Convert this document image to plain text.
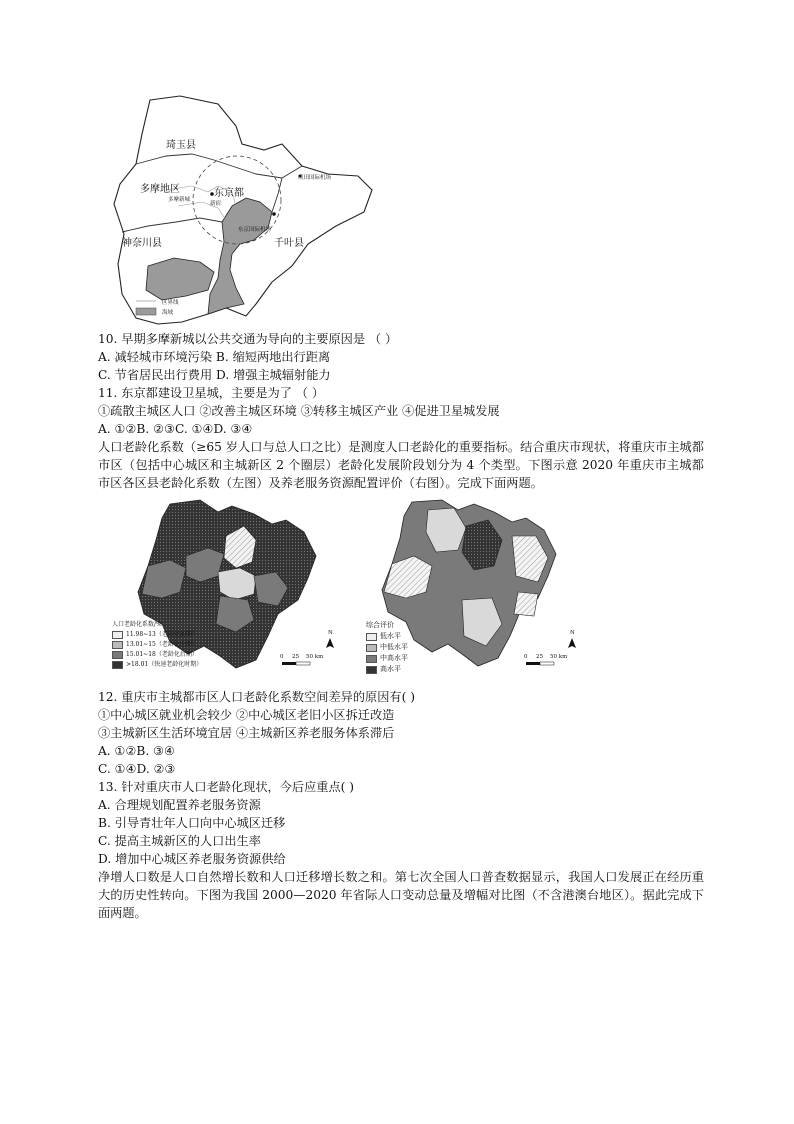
琦玉县
成田国际机场
多摩地区	东京都
多摩新城
新宿
东京国际机场
千叶县
神奈川县
区界线
海域
10. 早期多摩新城以公共交通为导向的主要原因是 （ ）
A. 减轻城市环境污染 B. 缩短两地出行距离
C. 节省居民出行费用 D. 增强主城辐射能力
11. 东京都建设卫星城，主要是为了 （ ）
①疏散主城区人口 ②改善主城区环境 ③转移主城区产业 ④促进卫星城发展
A. ①②B. ②③C. ①④D. ③④
人口老龄化系数（≥65 岁人口与总人口之比）是测度人口老龄化的重要指标。结合重庆市现状，将重庆市主城都市区（包括中心城区和主城新区 2 个圈层）老龄化发展阶段划分为 4 个类型。下图示意 2020 年重庆市主城都市区各区县老龄化系数（左图）及养老服务资源配置评价（右图）。完成下面两题。
N
0 25 50 km
人口老龄化系数/%
11.98~13（老龄化初期）
13.01~15（老龄化中期）
15.01~18（老龄化后期）
>18.01（快速老龄化时期）
N
0 25 50 km
综合评价
低水平
中低水平
中高水平
高水平
12. 重庆市主城都市区人口老龄化系数空间差异的原因有( )
①中心城区就业机会较少 ②中心城区老旧小区拆迁改造
③主城新区生活环境宜居 ④主城新区养老服务体系滞后
A. ①②B. ③④
C. ①④D. ②③
13. 针对重庆市人口老龄化现状，今后应重点( )
A. 合理规划配置养老服务资源
B. 引导青壮年人口向中心城区迁移
C. 提高主城新区的人口出生率
D. 增加中心城区养老服务资源供给
净增人口数是人口自然增长数和人口迁移增长数之和。第七次全国人口普查数据显示，我国人口发展正在经历重大的历史性转向。下图为我国 2000—2020 年省际人口变动总量及增幅对比图（不含港澳台地区）。据此完成下面两题。
